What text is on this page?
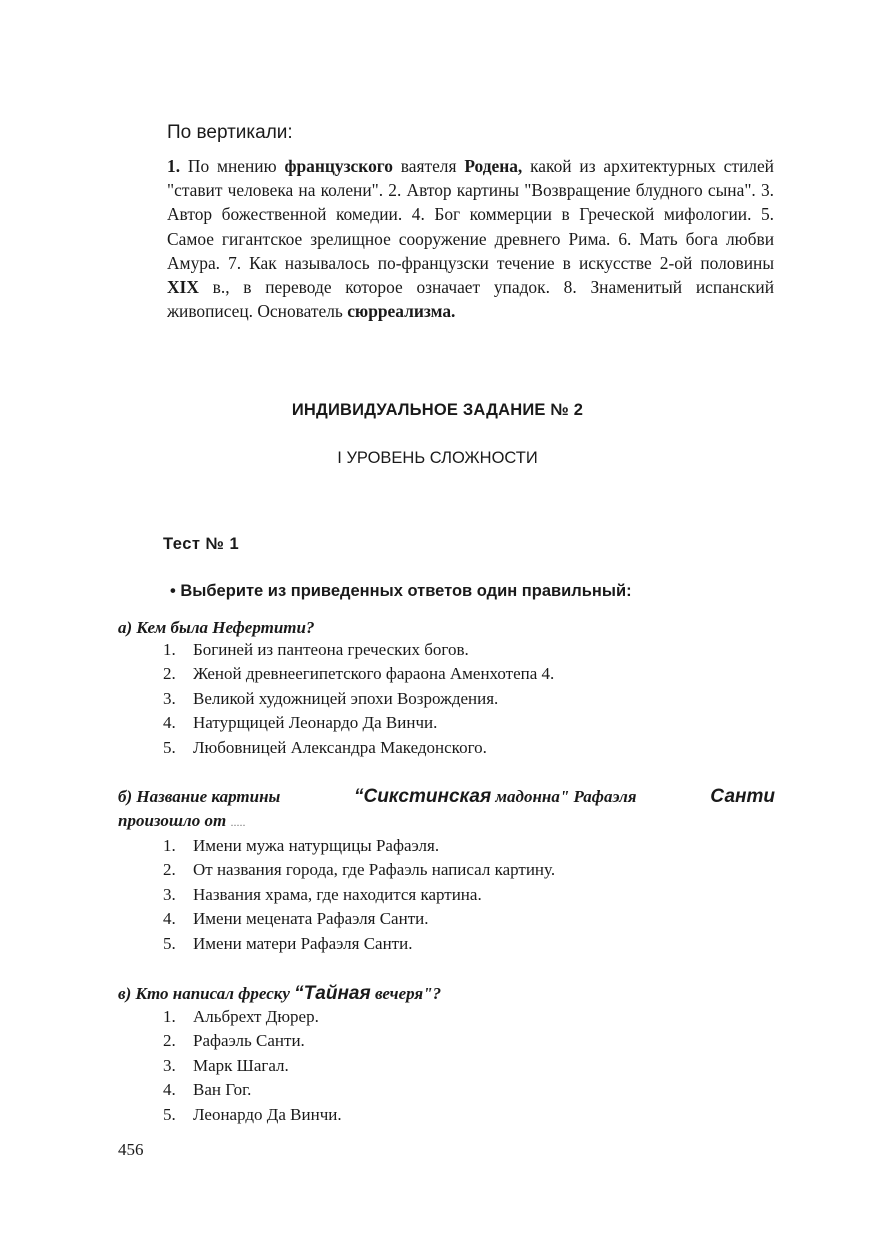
По вертикали:

1. По мнению французского ваятеля Родена, какой из архитектурных стилей "ставит человека на колени". 2. Автор картины "Возвращение блудного сына". 3. Автор божественной комедии. 4. Бог коммерции в Греческой мифологии. 5. Самое гигантское зрелищное сооружение древнего Рима. 6. Мать бога любви Амура. 7. Как называлось по-французски течение в искусстве 2-ой половины XIX в., в переводе которое означает упадок. 8. Знаменитый испанский живописец. Основатель сюрреализма.

ИНДИВИДУАЛЬНОЕ ЗАДАНИЕ № 2
I УРОВЕНЬ СЛОЖНОСТИ
Тест № 1
• Выберите из приведенных ответов один правильный:
а) Кем была Нефертити?
1.	Богиней из пантеона греческих богов.
2.	Женой древнеегипетского фараона Аменхотепа 4.
3.	Великой художницей эпохи Возрождения.
4.	Натурщицей Леонардо Да Винчи.
5.	Любовницей Александра Македонского.
б) Название картины	“Сикстинская мадонна" Рафаэля	Санти
произошло от .....
1.	Имени мужа натурщицы Рафаэля.
2.	От названия города, где Рафаэль написал картину.
3.	Названия храма, где находится картина.
4.	Имени мецената Рафаэля Санти.
5.	Имени матери Рафаэля Санти.
в) Кто написал фреску “Тайная вечеря"?
1.	Альбрехт Дюрер.
2.	Рафаэль Санти.
3.	Марк Шагал.
4.	Ван Гог.
5.	Леонардо Да Винчи.
456
